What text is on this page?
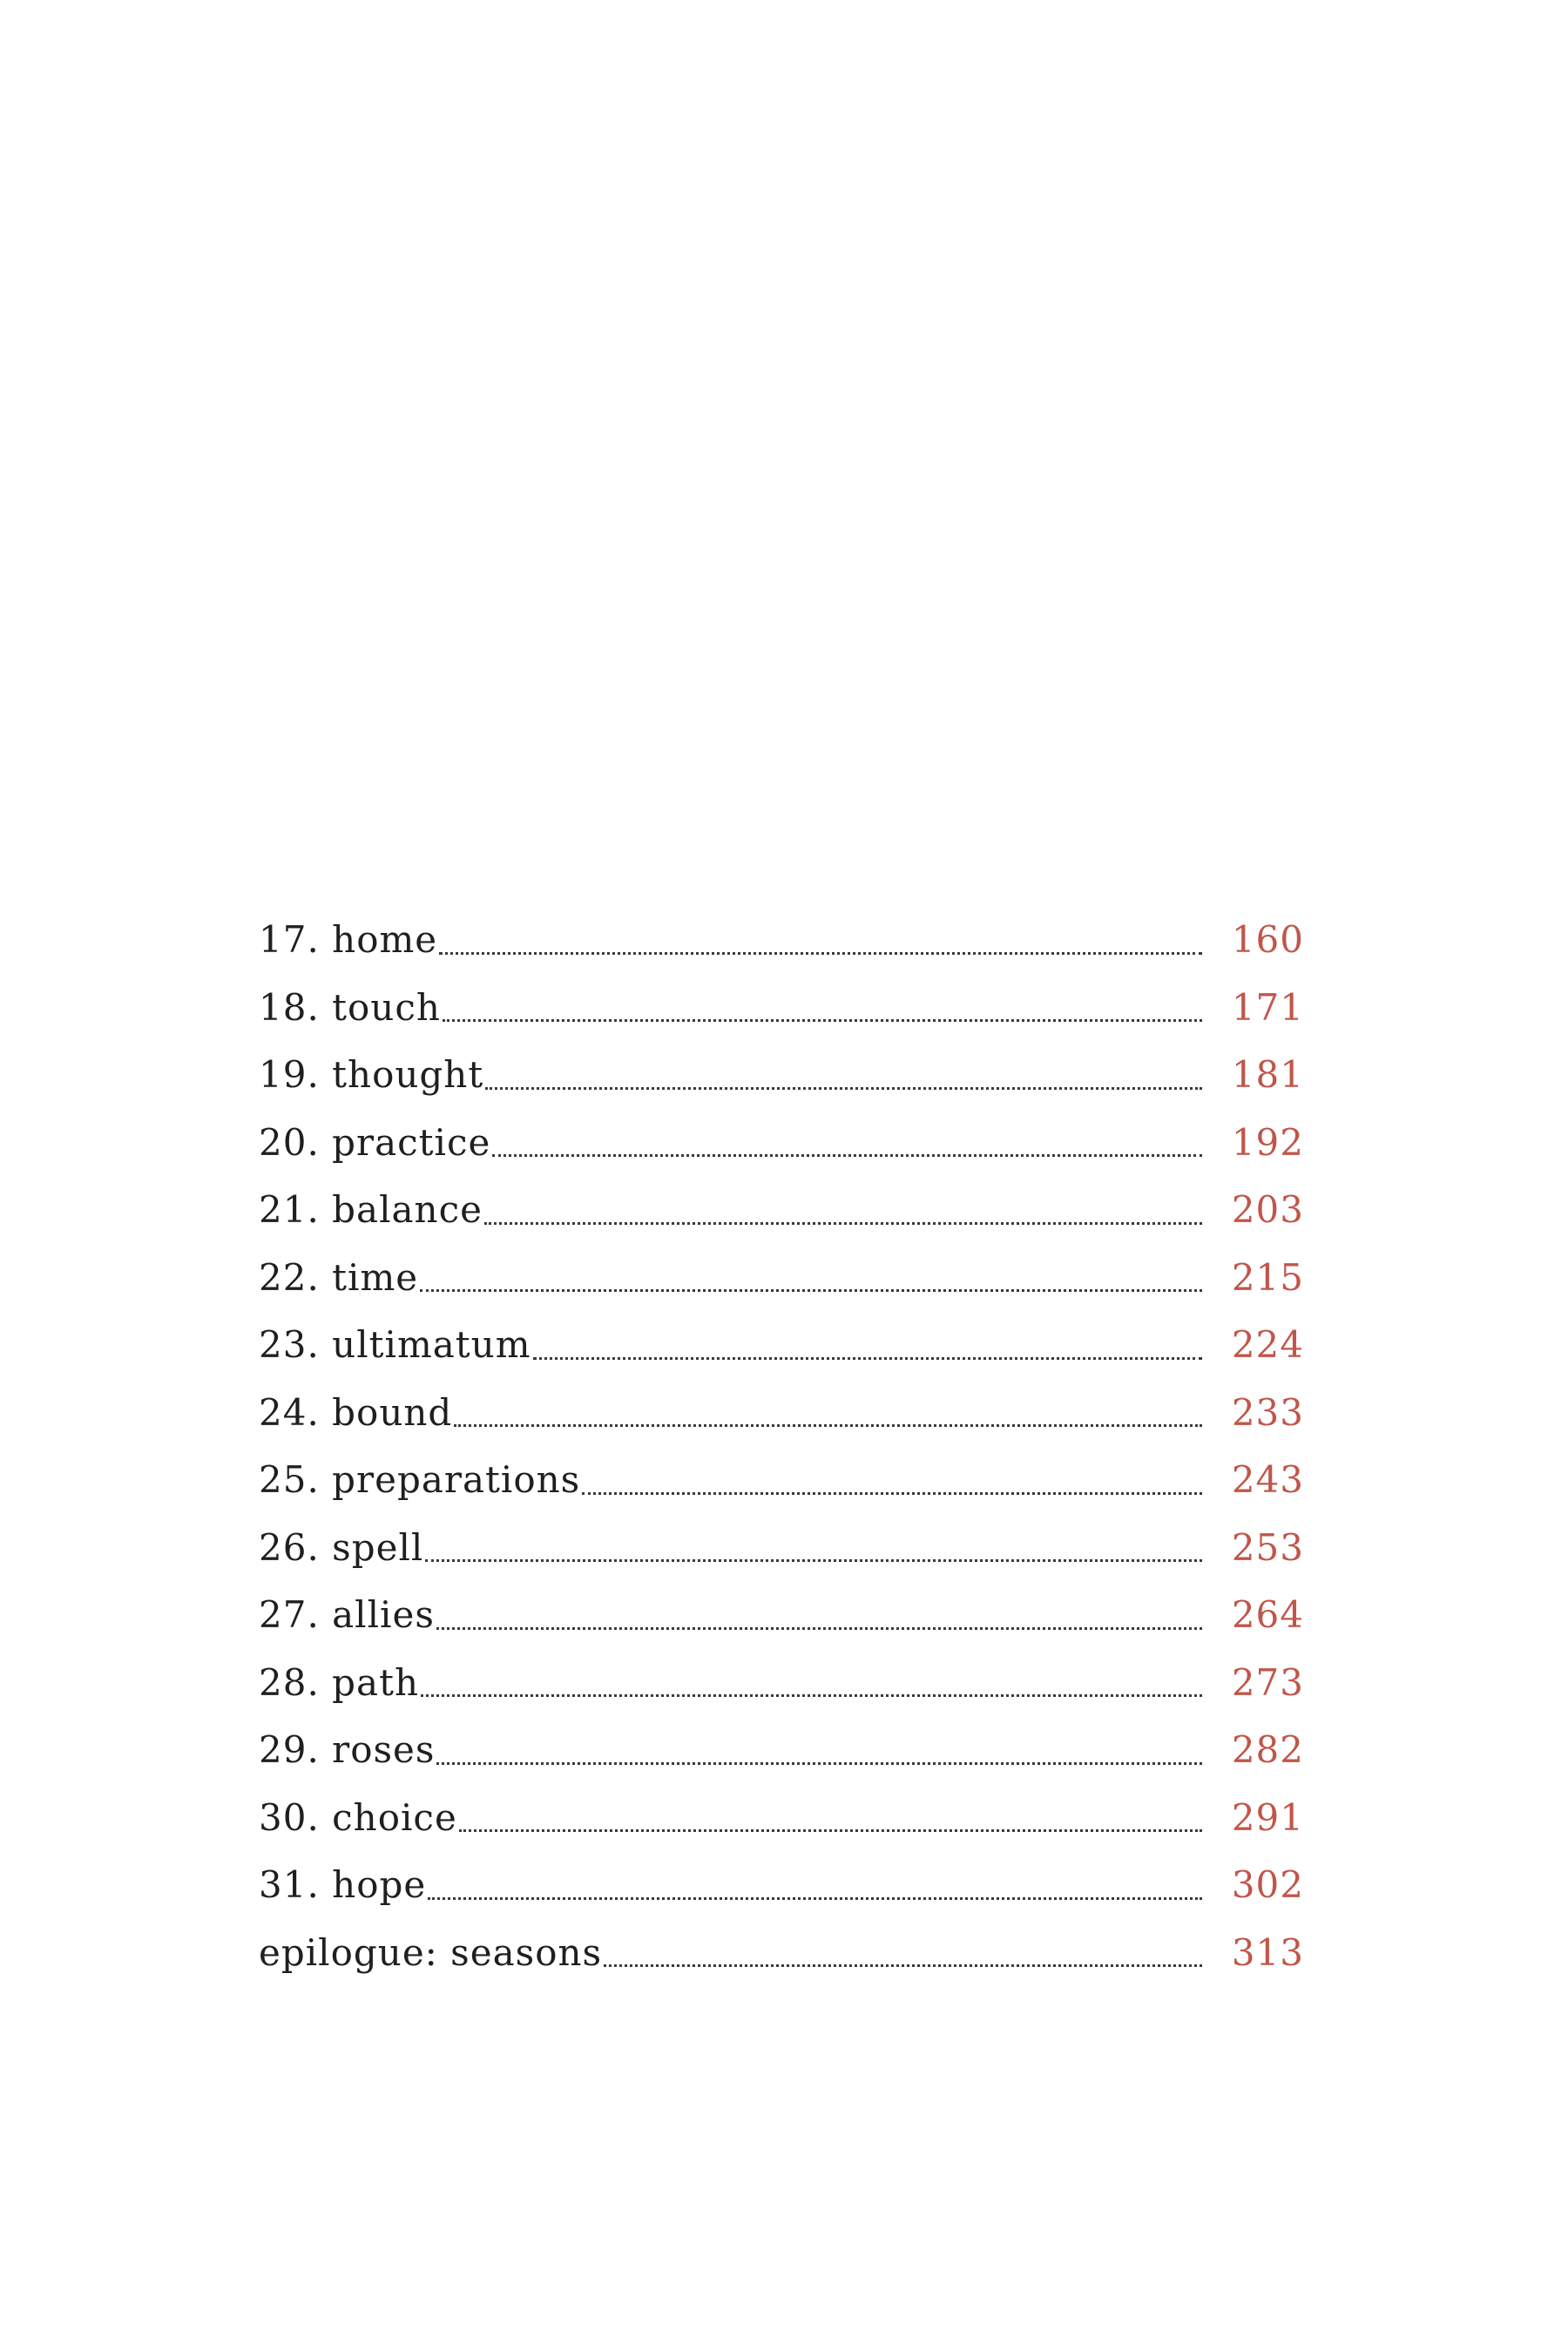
17. home	160
18. touch	171
19. thought	181
20. practice	192
21. balance	203
22. time	215
23. ultimatum	224
24. bound	233
25. preparations	243
26. spell	253
27. allies	264
28. path	273
29. roses	282
30. choice	291
31. hope	302
epilogue: seasons	313
